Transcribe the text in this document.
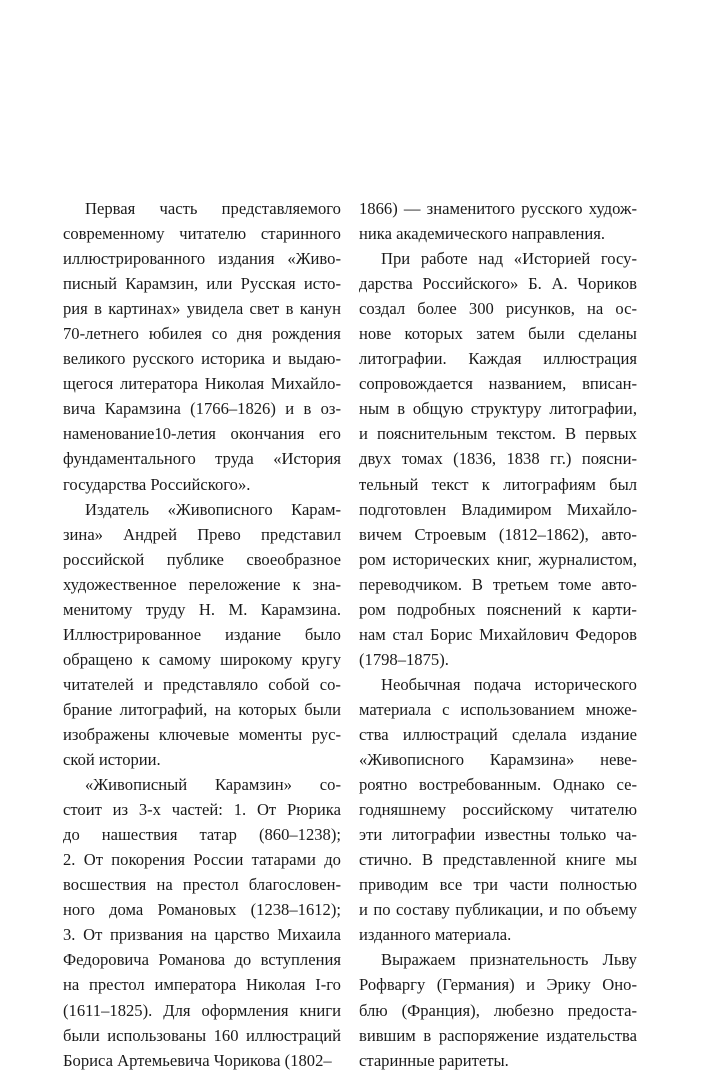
Первая часть представляемого
современному читателю старинного
иллюстрированного издания «Живо-
писный Карамзин, или Русская исто-
рия в картинах» увидела свет в канун
70-летнего юбилея со дня рождения
великого русского историка и выдаю-
щегося литератора Николая Михайло-
вича Карамзина (1766–1826) и в оз-
наменование10-летия окончания его
фундаментального труда «История
государства Российского».
Издатель «Живописного Карам-
зина» Андрей Прево представил
российской публике своеобразное
художественное переложение к зна-
менитому труду Н. М. Карамзина.
Иллюстрированное издание было
обращено к самому широкому кругу
читателей и представляло собой со-
брание литографий, на которых были
изображены ключевые моменты рус-
ской истории.
«Живописный Карамзин» со-
стоит из 3-х частей: 1. От Рюрика
до нашествия татар (860–1238);
2. От покорения России татарами до
восшествия на престол благословен-
ного дома Романовых (1238–1612);
3. От призвания на царство Михаила
Федоровича Романова до вступления
на престол императора Николая I-го
(1611–1825). Для оформления книги
были использованы 160 иллюстраций
Бориса Артемьевича Чорикова (1802–
1866) — знаменитого русского худож-
ника академического направления.
При работе над «Историей госу-
дарства Российского» Б. А. Чориков
создал более 300 рисунков, на ос-
нове которых затем были сделаны
литографии. Каждая иллюстрация
сопровождается названием, вписан-
ным в общую структуру литографии,
и пояснительным текстом. В первых
двух томах (1836, 1838 гг.) поясни-
тельный текст к литографиям был
подготовлен Владимиром Михайло-
вичем Строевым (1812–1862), авто-
ром исторических книг, журналистом,
переводчиком. В третьем томе авто-
ром подробных пояснений к карти-
нам стал Борис Михайлович Федоров
(1798–1875).
Необычная подача исторического
материала с использованием множе-
ства иллюстраций сделала издание
«Живописного Карамзина» неве-
роятно востребованным. Однако се-
годняшнему российскому читателю
эти литографии известны только ча-
стично. В представленной книге мы
приводим все три части полностью
и по составу публикации, и по объему
изданного материала.
Выражаем признательность Льву
Рофваргу (Германия) и Эрику Оно-
блю (Франция), любезно предоста-
вившим в распоряжение издательства
старинные раритеты.
